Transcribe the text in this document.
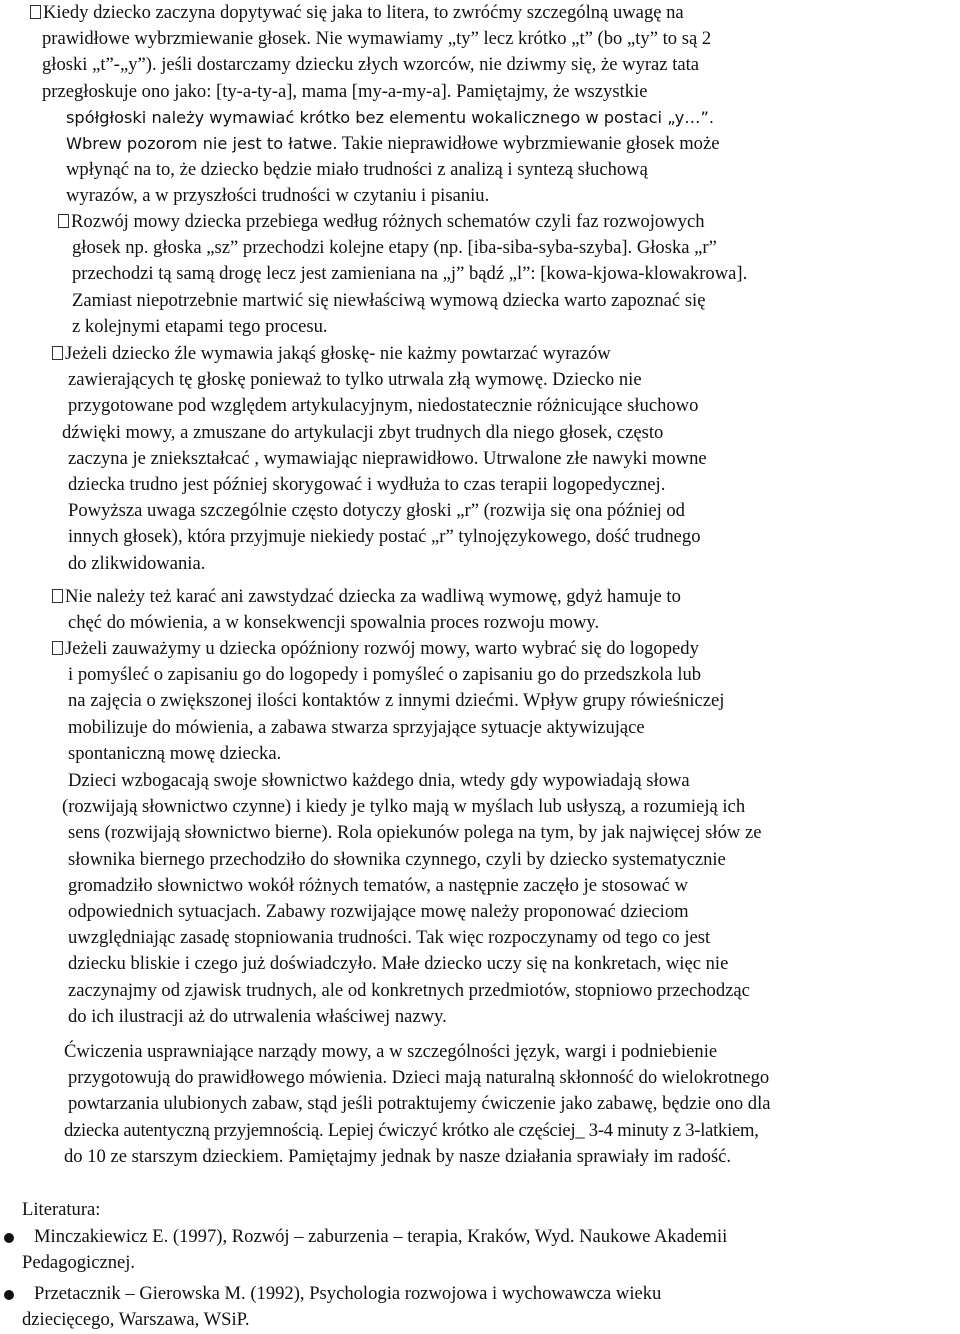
Kiedy dziecko zaczyna dopytywać się jaka to litera, to zwróćmy szczególną uwagę na
prawidłowe wybrzmiewanie głosek. Nie wymawiamy „ty” lecz krótko „t” (bo „ty” to są 2
głoski „t”-„y”). jeśli dostarczamy dziecku złych wzorców, nie dziwmy się, że wyraz tata
przegłoskuje ono jako: [ty-a-ty-a], mama [my-a-my-a]. Pamiętajmy, że wszystkie
spółgłoski należy wymawiać krótko bez elementu wokalicznego w postaci „y…”.
Wbrew pozorom nie jest to łatwe. Takie nieprawidłowe wybrzmiewanie głosek może
wpłynąć na to, że dziecko będzie miało trudności z analizą i syntezą słuchową
wyrazów, a w przyszłości trudności w czytaniu i pisaniu.
Rozwój mowy dziecka przebiega według różnych schematów czyli faz rozwojowych
głosek np. głoska „sz” przechodzi kolejne etapy (np. [iba-siba-syba-szyba]. Głoska „r”
przechodzi tą samą drogę lecz jest zamieniana na „j” bądź „l”: [kowa-kjowa-klowakrowa].
Zamiast niepotrzebnie martwić się niewłaściwą wymową dziecka warto zapoznać się
z kolejnymi etapami tego procesu.
Jeżeli dziecko źle wymawia jakąś głoskę- nie każmy powtarzać wyrazów
zawierających tę głoskę ponieważ to tylko utrwala złą wymowę. Dziecko nie
przygotowane pod względem artykulacyjnym, niedostatecznie różnicujące słuchowo
dźwięki mowy, a zmuszane do artykulacji zbyt trudnych dla niego głosek, często
zaczyna je zniekształcać , wymawiając nieprawidłowo. Utrwalone złe nawyki mowne
dziecka trudno jest później skorygować i wydłuża to czas terapii logopedycznej.
Powyższa uwaga szczególnie często dotyczy głoski „r” (rozwija się ona później od
innych głosek), która przyjmuje niekiedy postać „r” tylnojęzykowego, dość trudnego
do zlikwidowania.
Nie należy też karać ani zawstydzać dziecka za wadliwą wymowę, gdyż hamuje to
chęć do mówienia, a w konsekwencji spowalnia proces rozwoju mowy.
Jeżeli zauważymy u dziecka opóźniony rozwój mowy, warto wybrać się do logopedy
i pomyśleć o zapisaniu go do logopedy i pomyśleć o zapisaniu go do przedszkola lub
na zajęcia o zwiększonej ilości kontaktów z innymi dziećmi. Wpływ grupy rówieśniczej
mobilizuje do mówienia, a zabawa stwarza sprzyjające sytuacje aktywizujące
spontaniczną mowę dziecka.
Dzieci wzbogacają swoje słownictwo każdego dnia, wtedy gdy wypowiadają słowa
(rozwijają słownictwo czynne) i kiedy je tylko mają w myślach lub usłyszą, a rozumieją ich
sens (rozwijają słownictwo bierne). Rola opiekunów polega na tym, by jak najwięcej słów ze
słownika biernego przechodziło do słownika czynnego, czyli by dziecko systematycznie
gromadziło słownictwo wokół różnych tematów, a następnie zaczęło je stosować w
odpowiednich sytuacjach. Zabawy rozwijające mowę należy proponować dzieciom
uwzględniając zasadę stopniowania trudności. Tak więc rozpoczynamy od tego co jest
dziecku bliskie i czego już doświadczyło. Małe dziecko uczy się na konkretach, więc nie
zaczynajmy od zjawisk trudnych, ale od konkretnych przedmiotów, stopniowo przechodząc
do ich ilustracji aż do utrwalenia właściwej nazwy.
Ćwiczenia usprawniające narządy mowy, a w szczególności język, wargi i podniebienie
przygotowują do prawidłowego mówienia. Dzieci mają naturalną skłonność do wielokrotnego
powtarzania ulubionych zabaw, stąd jeśli potraktujemy ćwiczenie jako zabawę, będzie ono dla
dziecka autentyczną przyjemnością. Lepiej ćwiczyć krótko ale częściej_ 3-4 minuty z 3-latkiem,
do 10 ze starszym dzieckiem. Pamiętajmy jednak by nasze działania sprawiały im radość.
Literatura:
Minczakiewicz E. (1997), Rozwój – zaburzenia – terapia, Kraków, Wyd. Naukowe Akademii
Pedagogicznej.
Przetacznik – Gierowska M. (1992), Psychologia rozwojowa i wychowawcza wieku
dziecięcego, Warszawa, WSiP.
